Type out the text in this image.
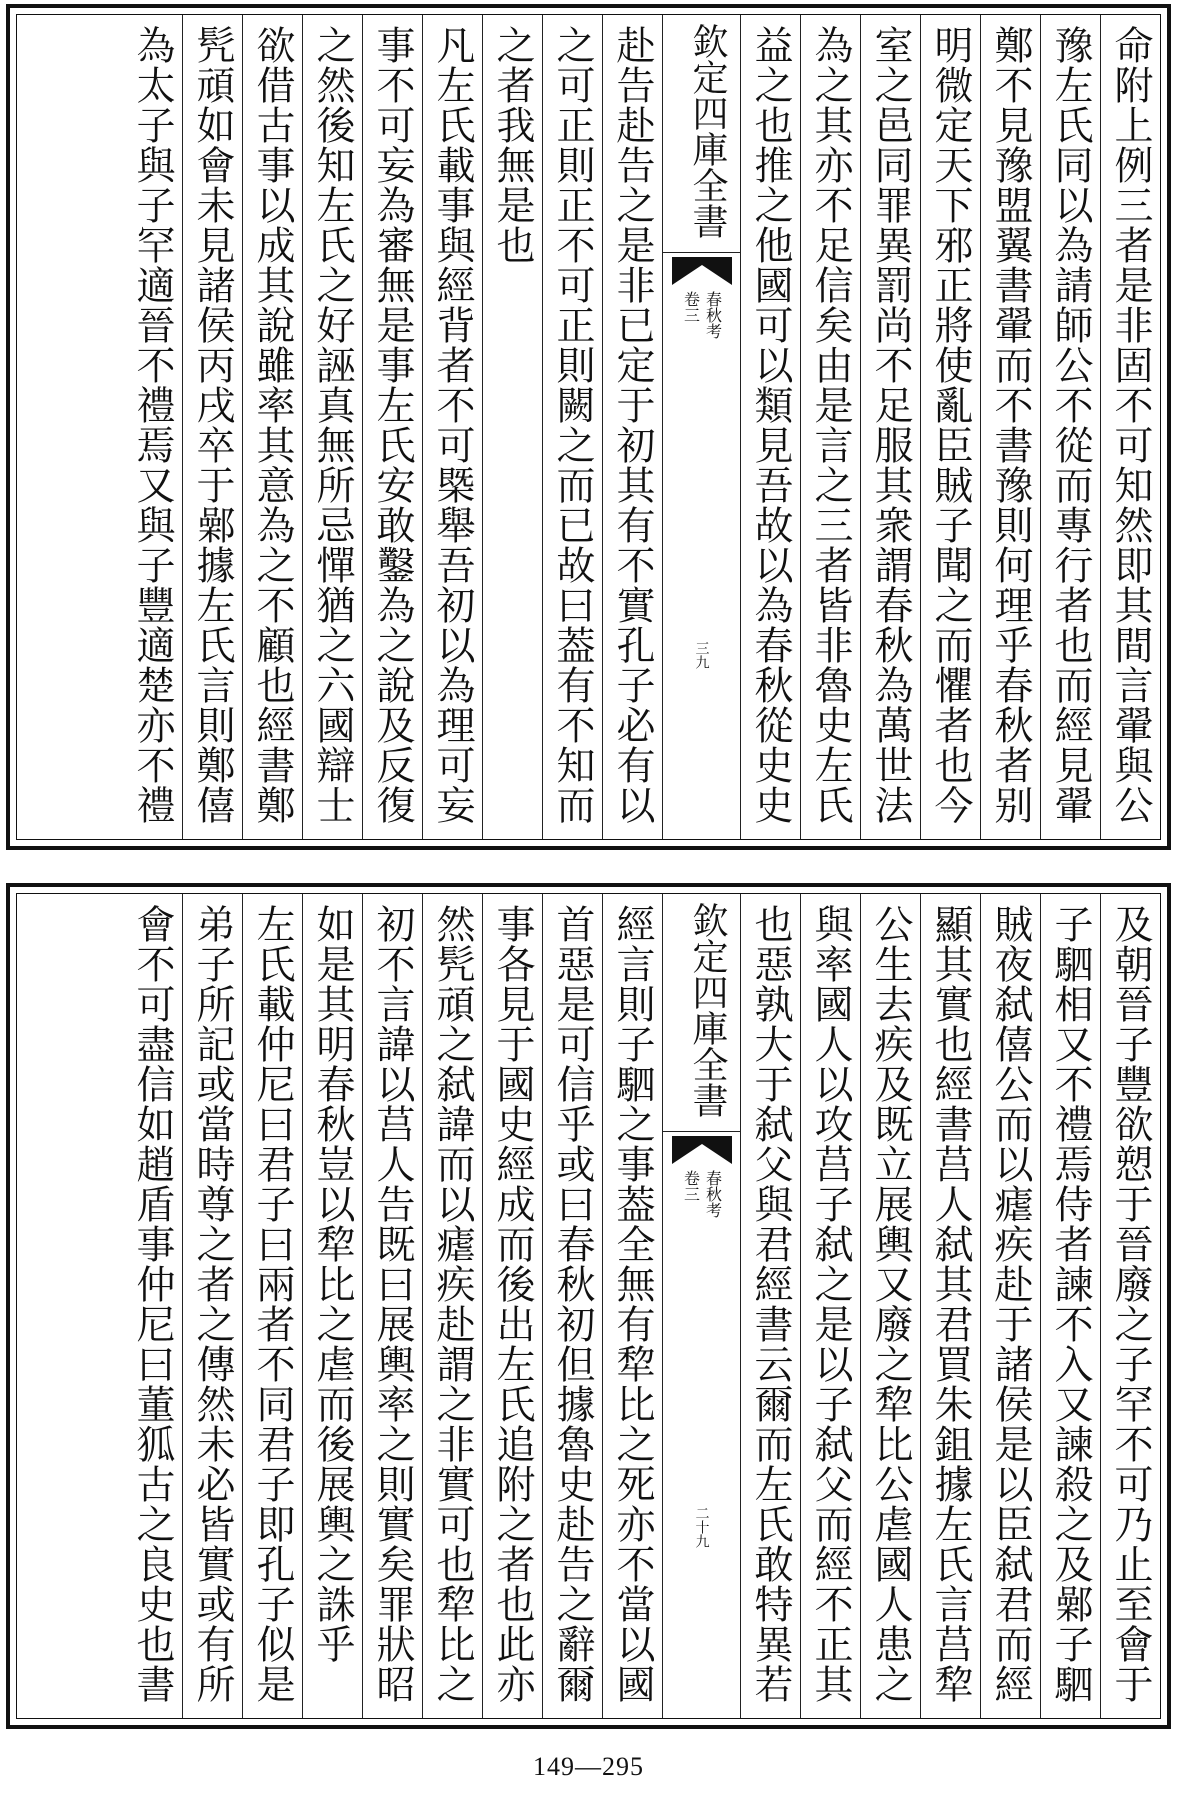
命附上例三者是非固不可知然即其間言翬與公
豫左氏同以為請師公不從而專行者也而經見翬
鄭不見豫盟翼書翬而不書豫則何理乎春秋者别
明微定天下邪正將使亂臣賊子聞之而懼者也今
室之邑同罪異罰尚不足服其衆謂春秋為萬世法
為之其亦不足信矣由是言之三者皆非魯史左氏
益之也推之他國可以類見吾故以為春秋從史史
欽定四庫全書
春秋考
卷三
三九
赴告赴告之是非已定于初其有不實孔子必有以
之可正則正不可正則闕之而已故曰葢有不知而
之者我無是也
凡左氏載事與經背者不可槩舉吾初以為理可妄
事不可妄為審無是事左氏安敢鑿為之說及反復
之然後知左氏之好誣真無所忌憚猶之六國辯士
欲借古事以成其說雖率其意為之不顧也經書鄭
髠頑如會未見諸侯丙戌卒于鄵據左氏言則鄭僖
為太子與子罕適晉不禮焉又與子豐適楚亦不禮
及朝晉子豐欲愬于晉廢之子罕不可乃止至會于
子駟相又不禮焉侍者諫不入又諫殺之及鄵子駟
賊夜弑僖公而以瘧疾赴于諸侯是以臣弑君而經
顯其實也經書莒人弑其君買朱鉏據左氏言莒犂
公生去疾及既立展輿又廢之犂比公虐國人患之
與率國人以攻莒子弑之是以子弑父而經不正其
也惡孰大于弑父與君經書云爾而左氏敢特異若
欽定四庫全書
春秋考
卷三
二十九
經言則子駟之事葢全無有犂比之死亦不當以國
首惡是可信乎或曰春秋初但據魯史赴告之辭爾
事各見于國史經成而後出左氏追附之者也此亦
然髠頑之弑諱而以瘧疾赴謂之非實可也犂比之
初不言諱以莒人告既曰展輿率之則實矣罪狀昭
如是其明春秋豈以犂比之虐而後展輿之誅乎
左氏載仲尼曰君子曰兩者不同君子即孔子似是
弟子所記或當時尊之者之傳然未必皆實或有所
會不可盡信如趙盾事仲尼曰董狐古之良史也書
149—295
